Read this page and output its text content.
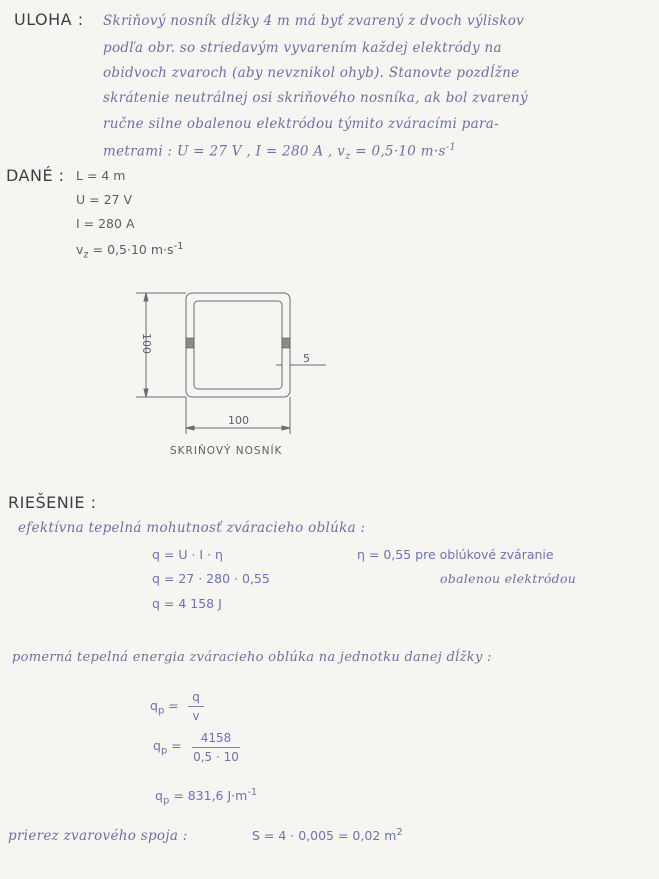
ULOHA : Skriňový nosník dĺžky 4 m má byť zvarený z dvoch výliskov
podľa obr. so striedavým vyvarením každej elektródy na
obidvoch zvaroch (aby nevznikol ohyb). Stanovte pozdĺžne
skrátenie neutrálnej osi skriňového nosníka, ak bol zvarený
ručne silne obalenou elektródou týmito zváracími para-
metrami : U = 27 V , I = 280 A , $v_z = 0,5\cdot 10$ $m\cdot s^{-1}$
DANÉ : L = 4 m
U = 27 V
I = 280 A
$v_z = 0,5\cdot 10$ $m\cdot s^{-1}$
100
100
5
SKRIŇOVÝ NOSNÍK
RIEŠENIE :
efektívna tepelná mohutnosť zváracieho oblúka :
q = U · I · η
q = 27 · 280 · 0,55
q = 4 158 J
η = 0,55 pre oblúkové zváranie
obalenou elektródou
pomerná tepelná energia zváracieho oblúka na jednotku danej dĺžky :
$q_p$ =
q
v
$q_p$ =	4158
0,5 · 10
$q_p = 831,6$ $J\cdot m^{-1}$
prierez zvarového spoja :	S = 4 · 0,005 = 0,02 $m^2$
